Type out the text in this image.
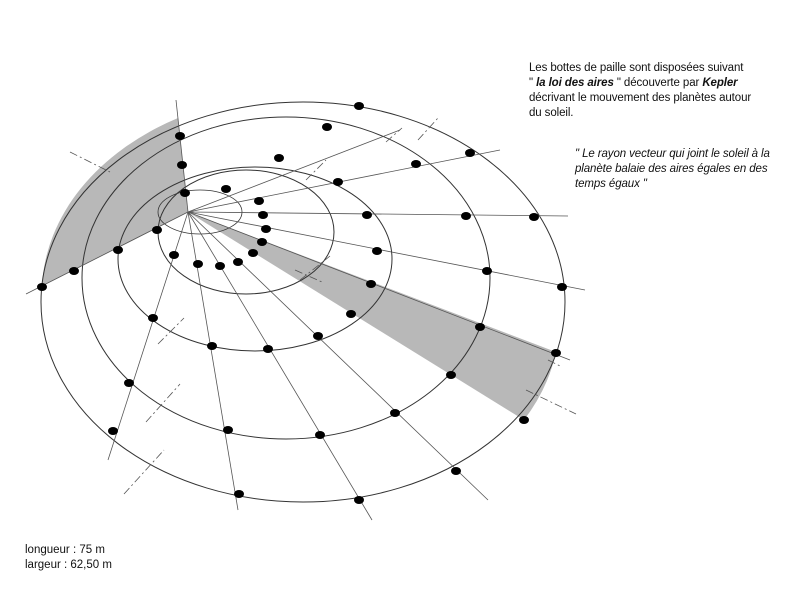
Les bottes de paille sont disposées suivant
" la loi des aires " découverte par Kepler
décrivant le mouvement des planètes autour
du soleil.
" Le rayon vecteur qui joint le soleil à la
planète balaie des aires égales en des
temps égaux "
longueur : 75 m
largeur : 62,50 m
